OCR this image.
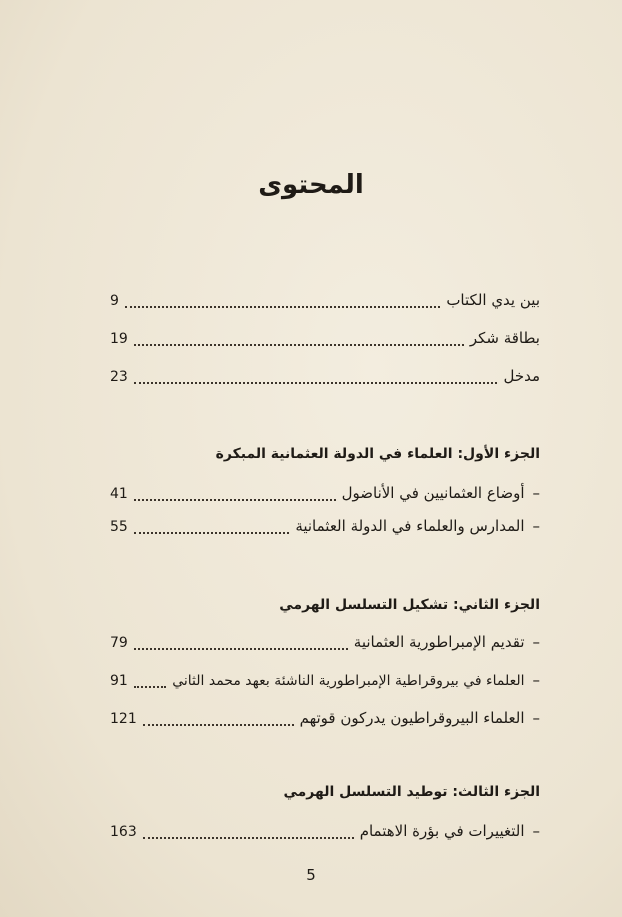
المحتوى
بين يدي الكتاب
9
بطاقة شكر
19
مدخل
23
الجزء الأول: العلماء في الدولة العثمانية المبكرة
–
أوضاع العثمانيين في الأناضول
41
–
المدارس والعلماء في الدولة العثمانية
55
الجزء الثاني: تشكيل التسلسل الهرمي
–
تقديم الإمبراطورية العثمانية
79
–
العلماء في بيروقراطية الإمبراطورية الناشئة بعهد محمد الثاني
91
–
العلماء البيروقراطيون يدركون قوتهم
121
الجزء الثالث: توطيد التسلسل الهرمي
–
التغييرات في بؤرة الاهتمام
163
5
